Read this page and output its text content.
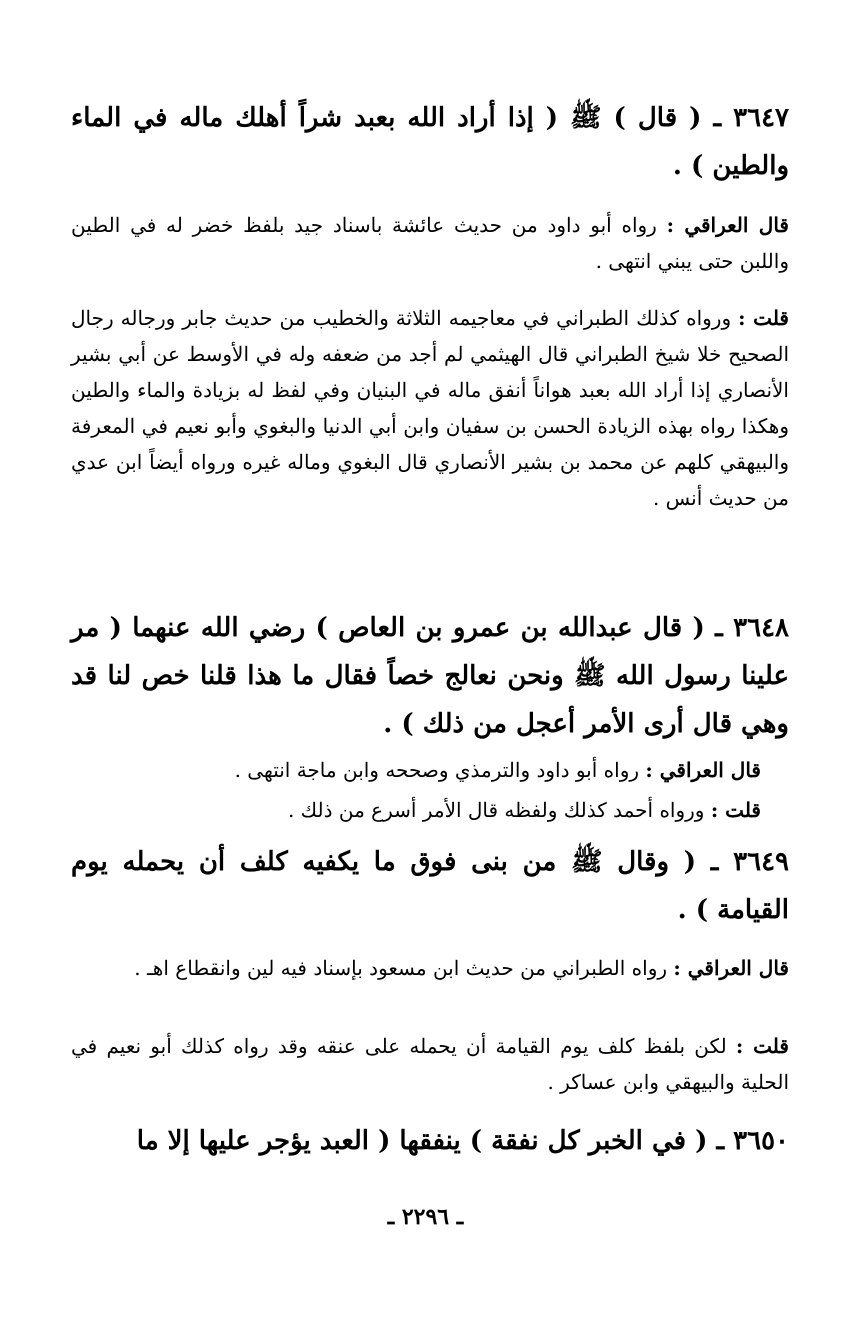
٣٦٤٧ ـ ( قال ) ﷺ ( إذا أراد الله بعبد شراً أهلك ماله في الماء والطين ) .

قال العراقي : رواه أبو داود من حديث عائشة باسناد جيد بلفظ خضر له في الطين واللبن حتى يبني انتهى .

قلت : ورواه كذلك الطبراني في معاجيمه الثلاثة والخطيب من حديث جابر ورجاله رجال الصحيح خلا شيخ الطبراني قال الهيثمي لم أجد من ضعفه وله في الأوسط عن أبي بشير الأنصاري إذا أراد الله بعبد هواناً أنفق ماله في البنيان وفي لفظ له بزيادة والماء والطين وهكذا رواه بهذه الزيادة الحسن بن سفيان وابن أبي الدنيا والبغوي وأبو نعيم في المعرفة والبيهقي كلهم عن محمد بن بشير الأنصاري قال البغوي وماله غيره ورواه أيضاً ابن عدي من حديث أنس .

٣٦٤٨ ـ ( قال عبدالله بن عمرو بن العاص ) رضي الله عنهما ( مر علينا رسول الله ﷺ ونحن نعالج خصاً فقال ما هذا قلنا خص لنا قد وهي قال أرى الأمر أعجل من ذلك ) .

قال العراقي : رواه أبو داود والترمذي وصححه وابن ماجة انتهى .

قلت : ورواه أحمد كذلك ولفظه قال الأمر أسرع من ذلك .

٣٦٤٩ ـ ( وقال ﷺ من بنى فوق ما يكفيه كلف أن يحمله يوم القيامة ) .

قال العراقي : رواه الطبراني من حديث ابن مسعود بإسناد فيه لين وانقطاع اهـ .

قلت : لكن بلفظ كلف يوم القيامة أن يحمله على عنقه وقد رواه كذلك أبو نعيم في الحلية والبيهقي وابن عساكر .

٣٦٥٠ ـ ( في الخبر كل نفقة ) ينفقها ( العبد يؤجر عليها إلا ما

ـ ٢٢٩٦ ـ
